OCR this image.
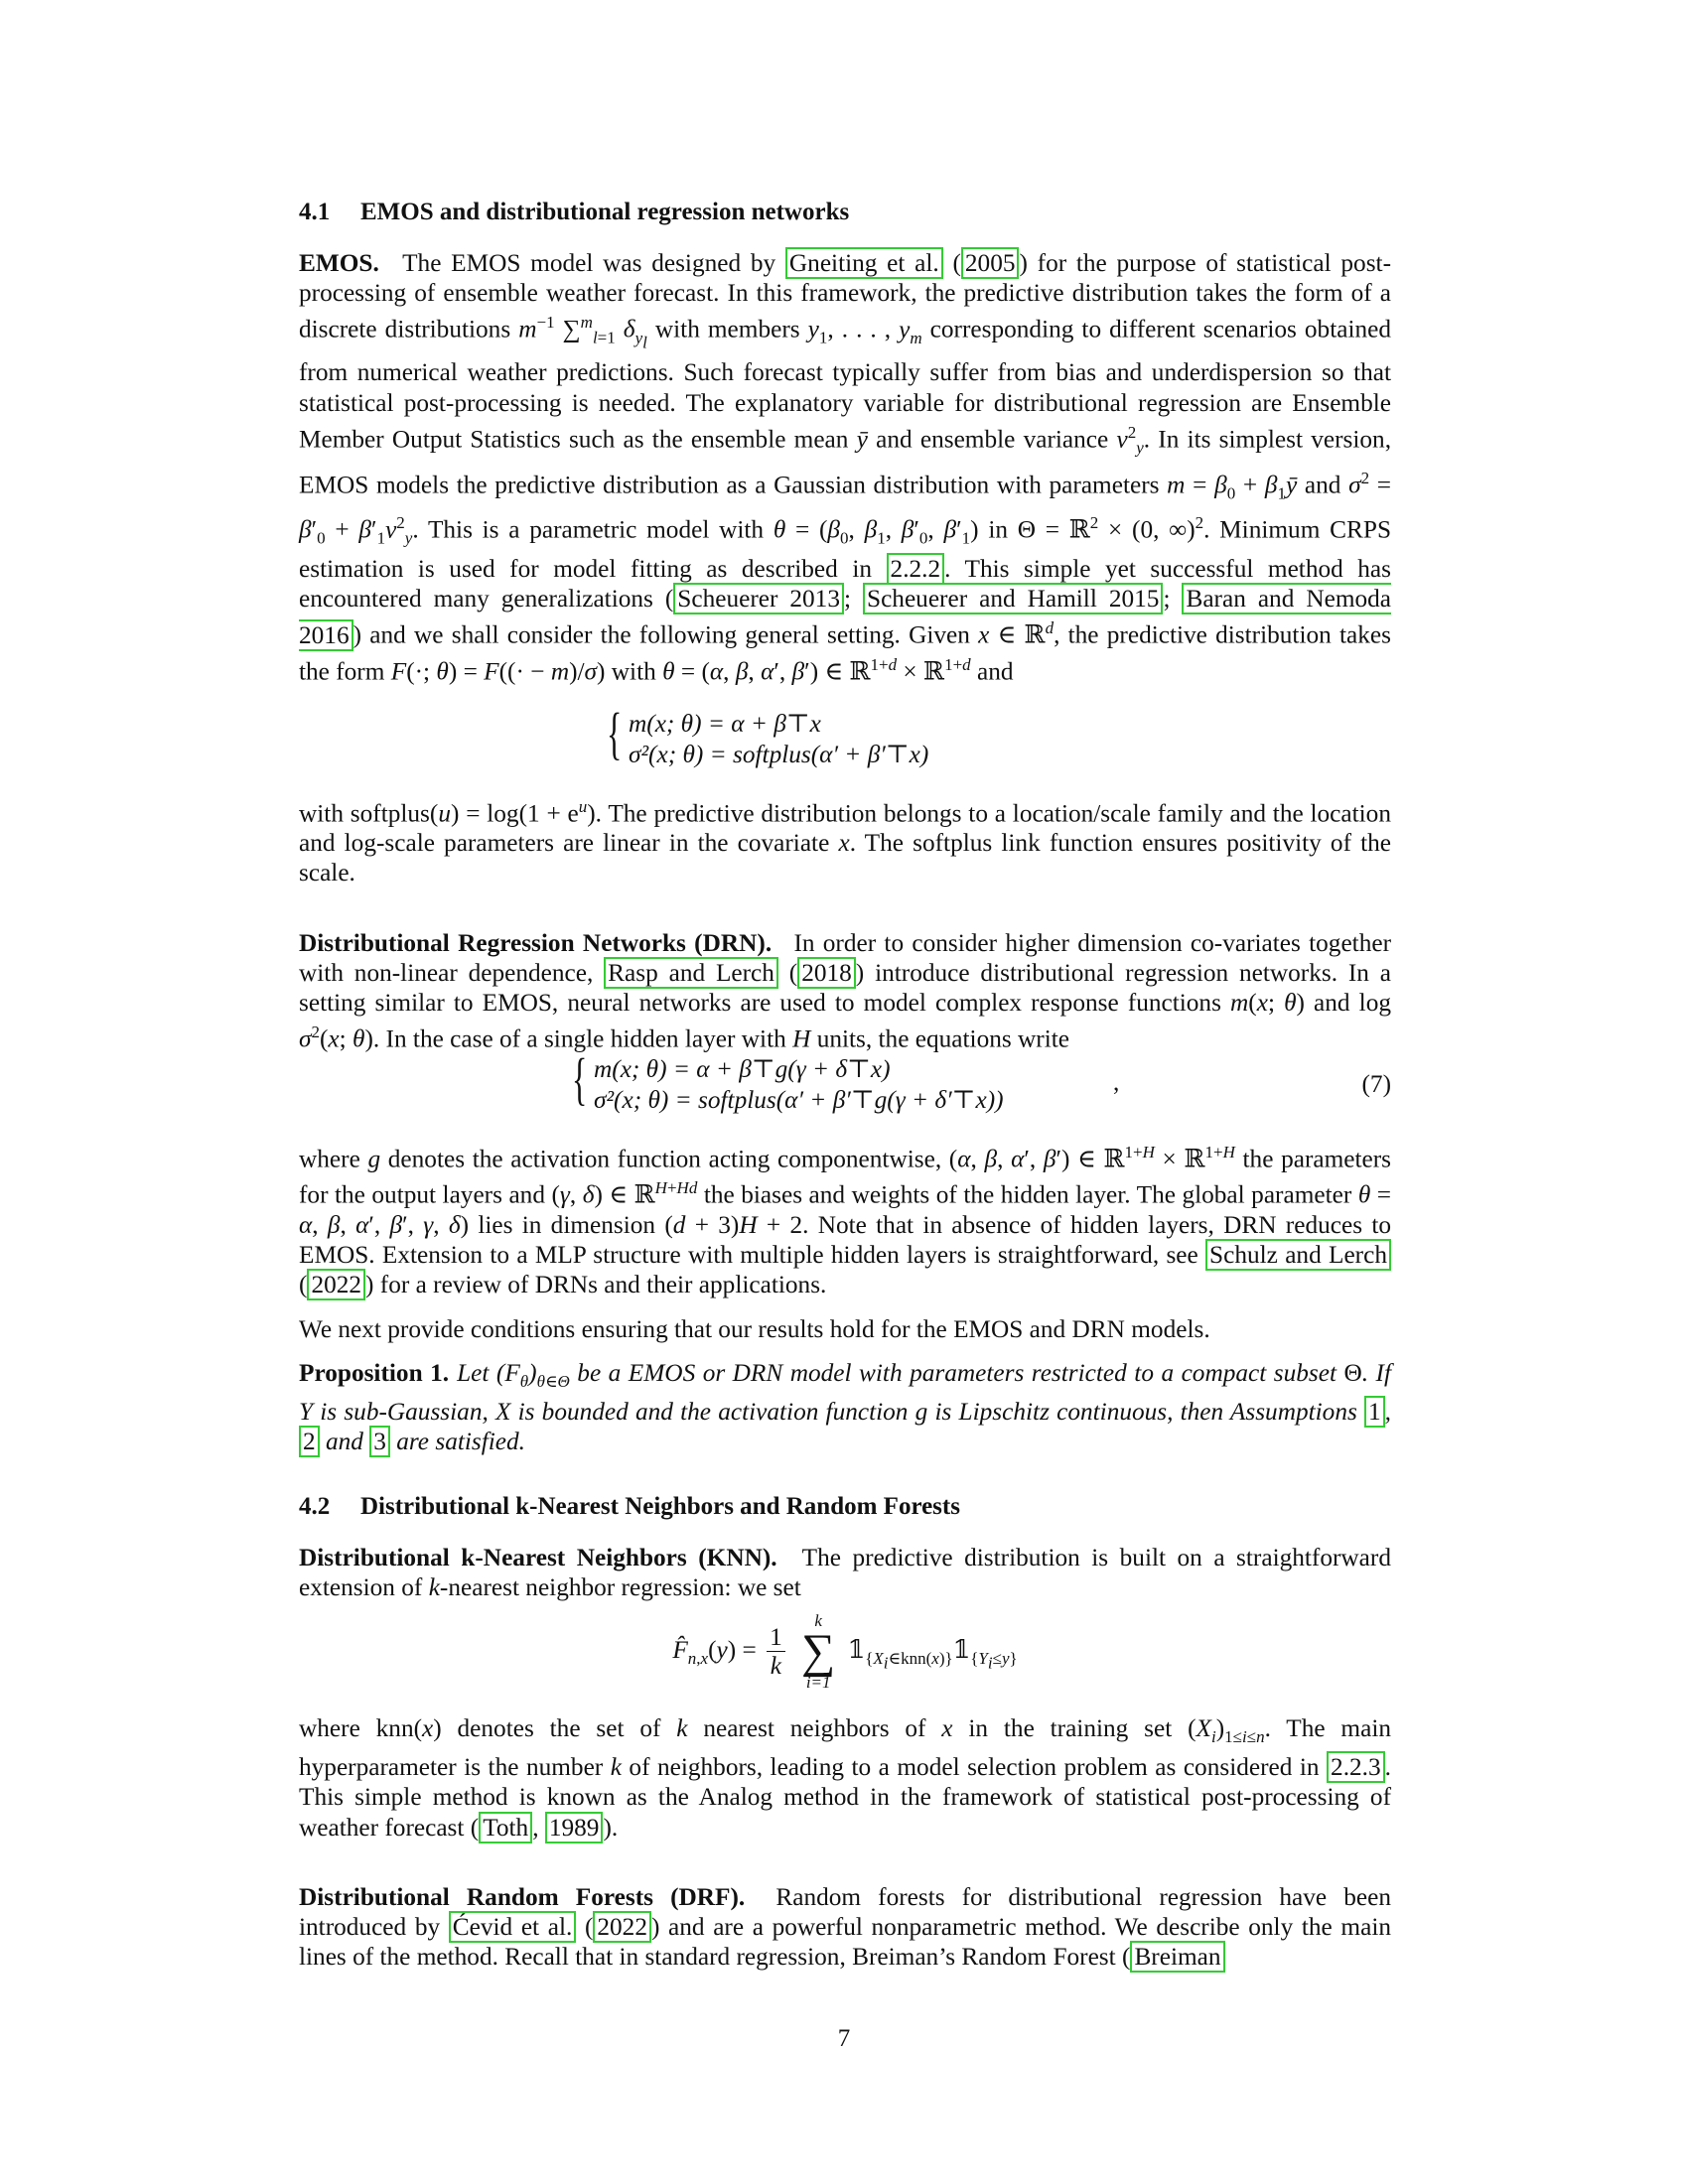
4.1 EMOS and distributional regression networks

EMOS. The EMOS model was designed by Gneiting et al. ( 2005 ) for the purpose of statistical post-processing of ensemble weather forecast. In this framework, the predictive distribution takes the form of a discrete distributions $m^{-1}$ ∑$^m_{l=1}$ $\delta_{y_l}$ with members $y_1$, . . . , $y_m$ corresponding to different scenarios obtained from numerical weather predictions. Such forecast typically suffer from bias and underdispersion so that statistical post-processing is needed. The explanatory variable for distributional regression are Ensemble Member Output Statistics such as the ensemble mean ȳ and ensemble variance $v^2_y$. In its simplest version, EMOS models the predictive distribution as a Gaussian distribution with parameters $m = \beta_0$ + $\beta_1ȳ$ and $\sigma^2 = \beta'_0 + \beta'_1v^2_y$. This is a parametric model with $\theta = (\beta_0$, $\beta_1$, $\beta'_0$, $\beta'_1$) in Θ = ℝ$^2$ × (0, ∞)$^2$. Minimum CRPS estimation is used for model fitting as described in 2.2.2 . This simple yet successful method has encountered many generalizations ( Scheuerer 2013 ; Scheuerer and Hamill 2015 ; Baran and Nemoda 2016 ) and we shall consider the following general setting. Given x ∈ ℝ$^d$, the predictive distribution takes the form F(·; θ) = F((· − m)/σ) with θ = (α, β, α′, β′) ∈ ℝ$^{1+d}$ × ℝ$^{1+d}$ and

{ m(x; θ) = α + β⊤x
σ²(x; θ) = softplus(α′ + β′⊤x)

with softplus(u) = $\log(1 + e^u)$. The predictive distribution belongs to a location/scale family and the location and log-scale parameters are linear in the covariate x. The softplus link function ensures positivity of the scale.

Distributional Regression Networks (DRN). In order to consider higher dimension co-variates together with non-linear dependence, Rasp and Lerch ( 2018 ) introduce distributional regression networks. In a setting similar to EMOS, neural networks are used to model complex response functions m(x; θ) and $\log \sigma^2(x$; θ). In the case of a single hidden layer with H units, the equations write

{ m(x; θ) = α + β⊤g(γ + δ⊤x)
σ²(x; θ) = softplus(α′ + β′⊤g(γ + δ′⊤x))
,	(7)

where g denotes the activation function acting componentwise, (α, β, α′, β′) ∈ ℝ$^{1+H}$ × ℝ$^{1+H}$ the parameters for the output layers and (γ, δ) ∈ ℝ$^{H+Hd}$ the biases and weights of the hidden layer. The global parameter θ = α, β, α′, β′, γ, δ) lies in dimension (d + 3)H + 2. Note that in absence of hidden layers, DRN reduces to EMOS. Extension to a MLP structure with multiple hidden layers is straightforward, see Schulz and Lerch ( 2022 ) for a review of DRNs and their applications.

We next provide conditions ensuring that our results hold for the EMOS and DRN models.

Proposition 1. Let $(F_\theta)_{\theta\in\Theta}$ be a EMOS or DRN model with parameters restricted to a compact subset Θ. If Y is sub-Gaussian, X is bounded and the activation function g is Lipschitz continuous, then Assumptions 1 , 2 and 3 are satisfied.

4.2 Distributional k-Nearest Neighbors and Random Forests

Distributional k-Nearest Neighbors (KNN). The predictive distribution is built on a straightforward extension of k-nearest neighbor regression: we set

$F̂_{n,x}(y) = \frac{1}{k}$

k
∑
i=1
$𝟙_{\{X_i\in knn(x)\}}𝟙_{\{Y_i\le y\}}$

where knn(x) denotes the set of k nearest neighbors of x in the training set $(X_i)_{1\le i\le n}$. The main hyperparameter is the number k of neighbors, leading to a model selection problem as considered in 2.2.3 . This simple method is known as the Analog method in the framework of statistical post-processing of weather forecast ( Toth , 1989 ).

Distributional Random Forests (DRF). Random forests for distributional regression have been introduced by Ćevid et al. ( 2022 ) and are a powerful nonparametric method. We describe only the main lines of the method. Recall that in standard regression, Breiman’s Random Forest ( Breiman

7
